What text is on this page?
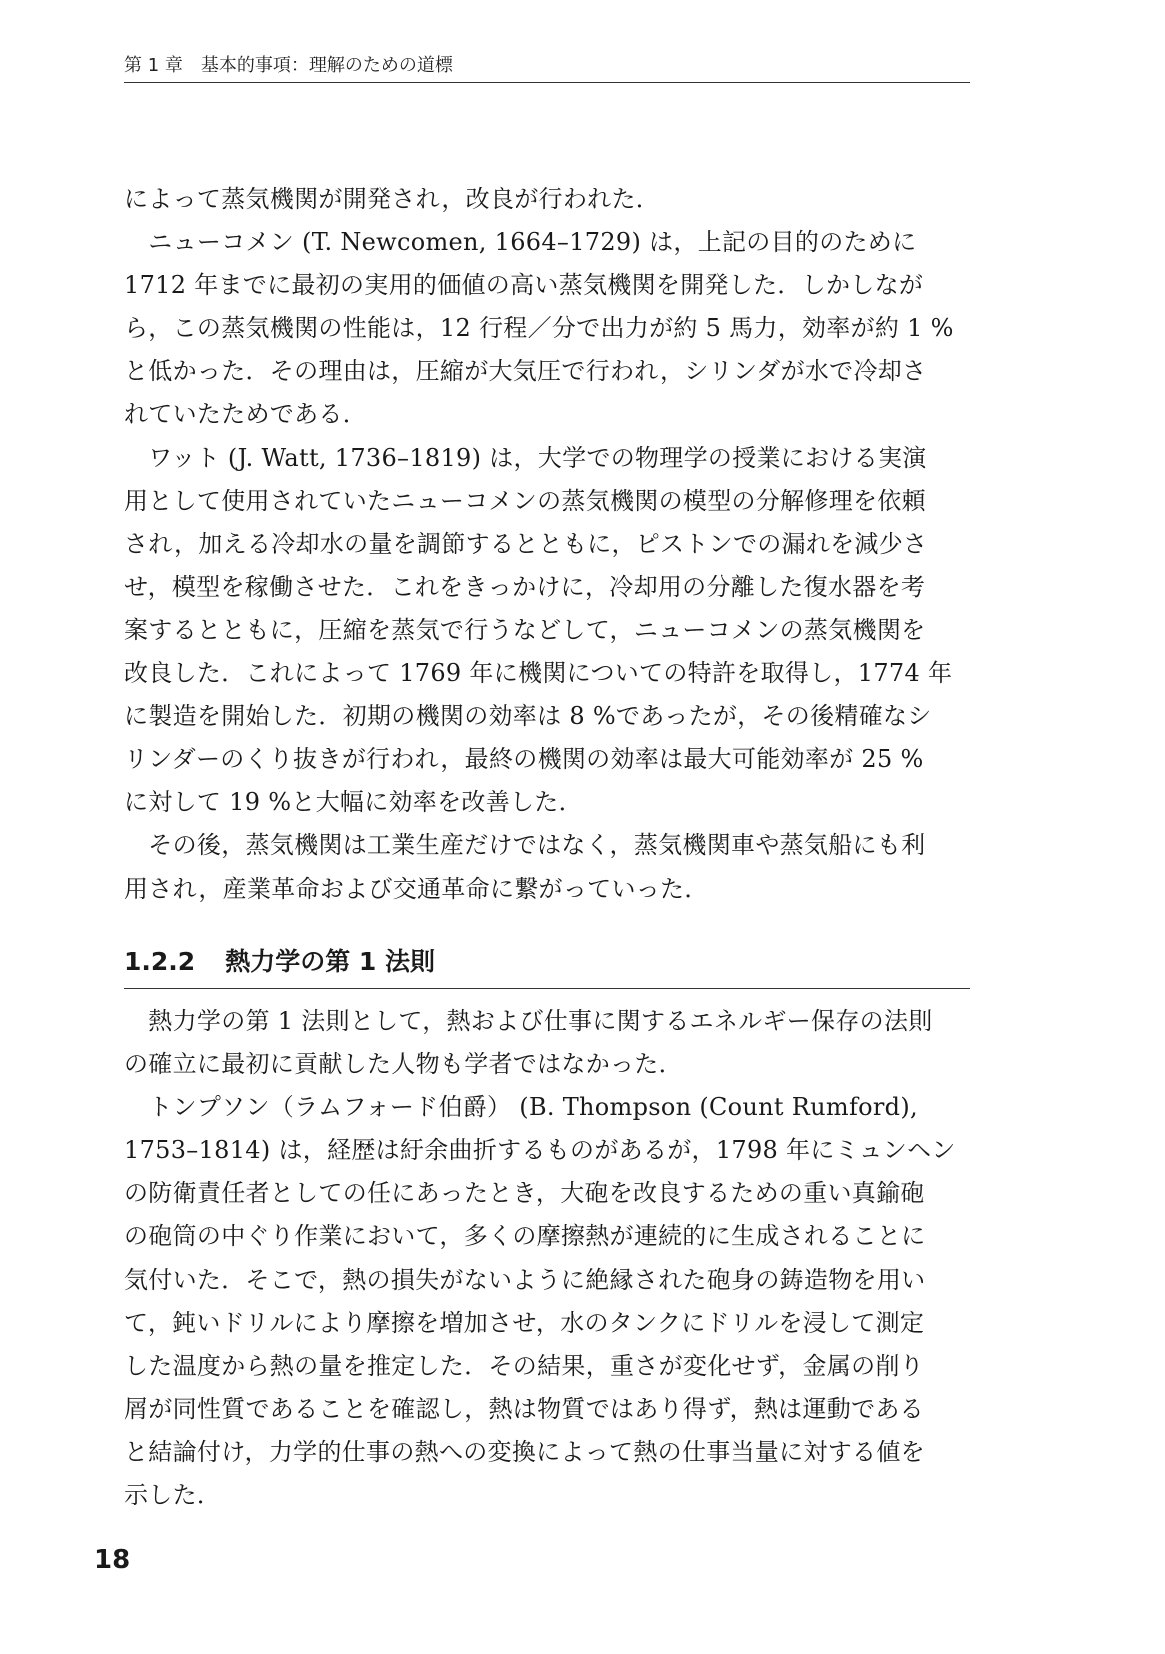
第 1 章　基本的事項：理解のための道標
によって蒸気機関が開発され，改良が行われた．
　ニューコメン (T. Newcomen, 1664–1729) は，上記の目的のために
1712 年までに最初の実用的価値の高い蒸気機関を開発した．しかしなが
ら，この蒸気機関の性能は，12 行程／分で出力が約 5 馬力，効率が約 1 %
と低かった．その理由は，圧縮が大気圧で行われ，シリンダが水で冷却さ
れていたためである．
　ワット (J. Watt, 1736–1819) は，大学での物理学の授業における実演
用として使用されていたニューコメンの蒸気機関の模型の分解修理を依頼
され，加える冷却水の量を調節するとともに，ピストンでの漏れを減少さ
せ，模型を稼働させた．これをきっかけに，冷却用の分離した復水器を考
案するとともに，圧縮を蒸気で行うなどして，ニューコメンの蒸気機関を
改良した．これによって 1769 年に機関についての特許を取得し，1774 年
に製造を開始した．初期の機関の効率は 8 %であったが，その後精確なシ
リンダーのくり抜きが行われ，最終の機関の効率は最大可能効率が 25 %
に対して 19 %と大幅に効率を改善した．
　その後，蒸気機関は工業生産だけではなく，蒸気機関車や蒸気船にも利
用され，産業革命および交通革命に繋がっていった．
1.2.2 熱力学の第 1 法則
　熱力学の第 1 法則として，熱および仕事に関するエネルギー保存の法則
の確立に最初に貢献した人物も学者ではなかった．
　トンプソン（ラムフォード伯爵） (B. Thompson (Count Rumford),
1753–1814) は，経歴は紆余曲折するものがあるが，1798 年にミュンヘン
の防衛責任者としての任にあったとき，大砲を改良するための重い真鍮砲
の砲筒の中ぐり作業において，多くの摩擦熱が連続的に生成されることに
気付いた．そこで，熱の損失がないように絶縁された砲身の鋳造物を用い
て，鈍いドリルにより摩擦を増加させ，水のタンクにドリルを浸して測定
した温度から熱の量を推定した．その結果，重さが変化せず，金属の削り
屑が同性質であることを確認し，熱は物質ではあり得ず，熱は運動である
と結論付け，力学的仕事の熱への変換によって熱の仕事当量に対する値を
示した．
18
